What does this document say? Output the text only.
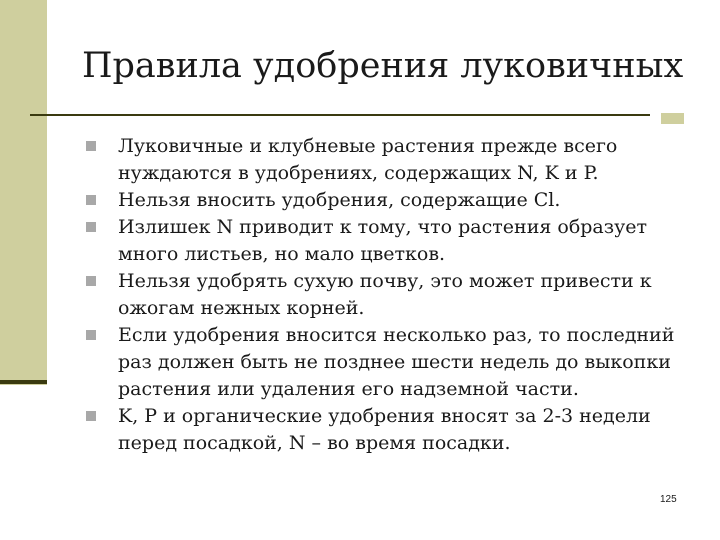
Правила удобрения луковичных
Луковичные и клубневые растения прежде всего нуждаются в удобрениях, содержащих N, K и P.
Нельзя вносить удобрения, содержащие Cl.
Излишек N приводит к тому, что растения образует много листьев, но мало цветков.
Нельзя удобрять сухую почву, это может привести к ожогам нежных корней.
Если удобрения вносится несколько раз, то последний раз должен быть не позднее шести недель до выкопки растения или удаления его надземной части.
K, P и органические удобрения вносят за 2-3 недели перед посадкой, N – во время посадки.
125
